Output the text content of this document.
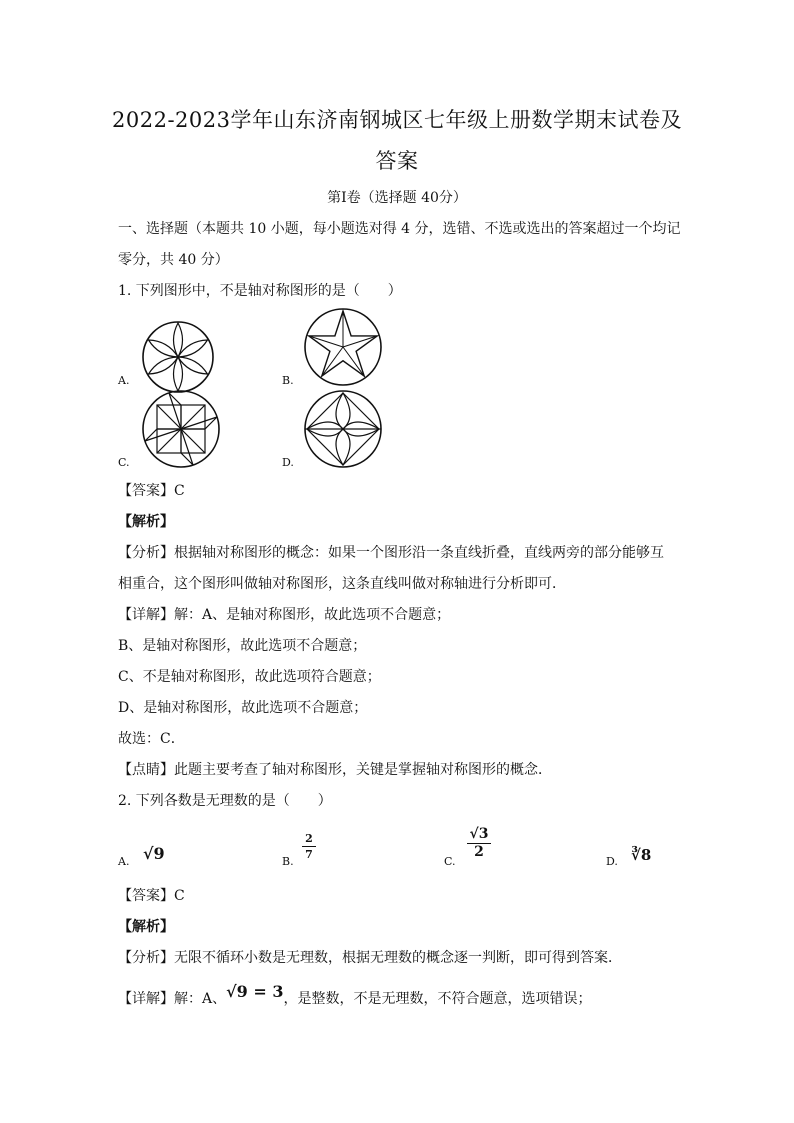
2022-2023学年山东济南钢城区七年级上册数学期末试卷及
答案
第Ⅰ卷（选择题 40分）
一、选择题（本题共 10 小题，每小题选对得 4 分，选错、不选或选出的答案超过一个均记
零分，共 40 分）
1. 下列图形中，不是轴对称图形的是（　　）
A.	B.
C.	D.
【答案】C
【解析】
【分析】根据轴对称图形的概念：如果一个图形沿一条直线折叠，直线两旁的部分能够互
相重合，这个图形叫做轴对称图形，这条直线叫做对称轴进行分析即可．
【详解】解：A、是轴对称图形，故此选项不合题意；
B、是轴对称图形，故此选项不合题意；
C、不是轴对称图形，故此选项符合题意；
D、是轴对称图形，故此选项不合题意；
故选：C．
【点睛】此题主要考查了轴对称图形，关键是掌握轴对称图形的概念．
2. 下列各数是无理数的是（　　）
A. √9	B.
2
7
C.
√3
2
D. ∛8
【答案】C
【解析】
【分析】无限不循环小数是无理数，根据无理数的概念逐一判断，即可得到答案．
【详解】解：A、√9 = 3，是整数，不是无理数，不符合题意，选项错误；
